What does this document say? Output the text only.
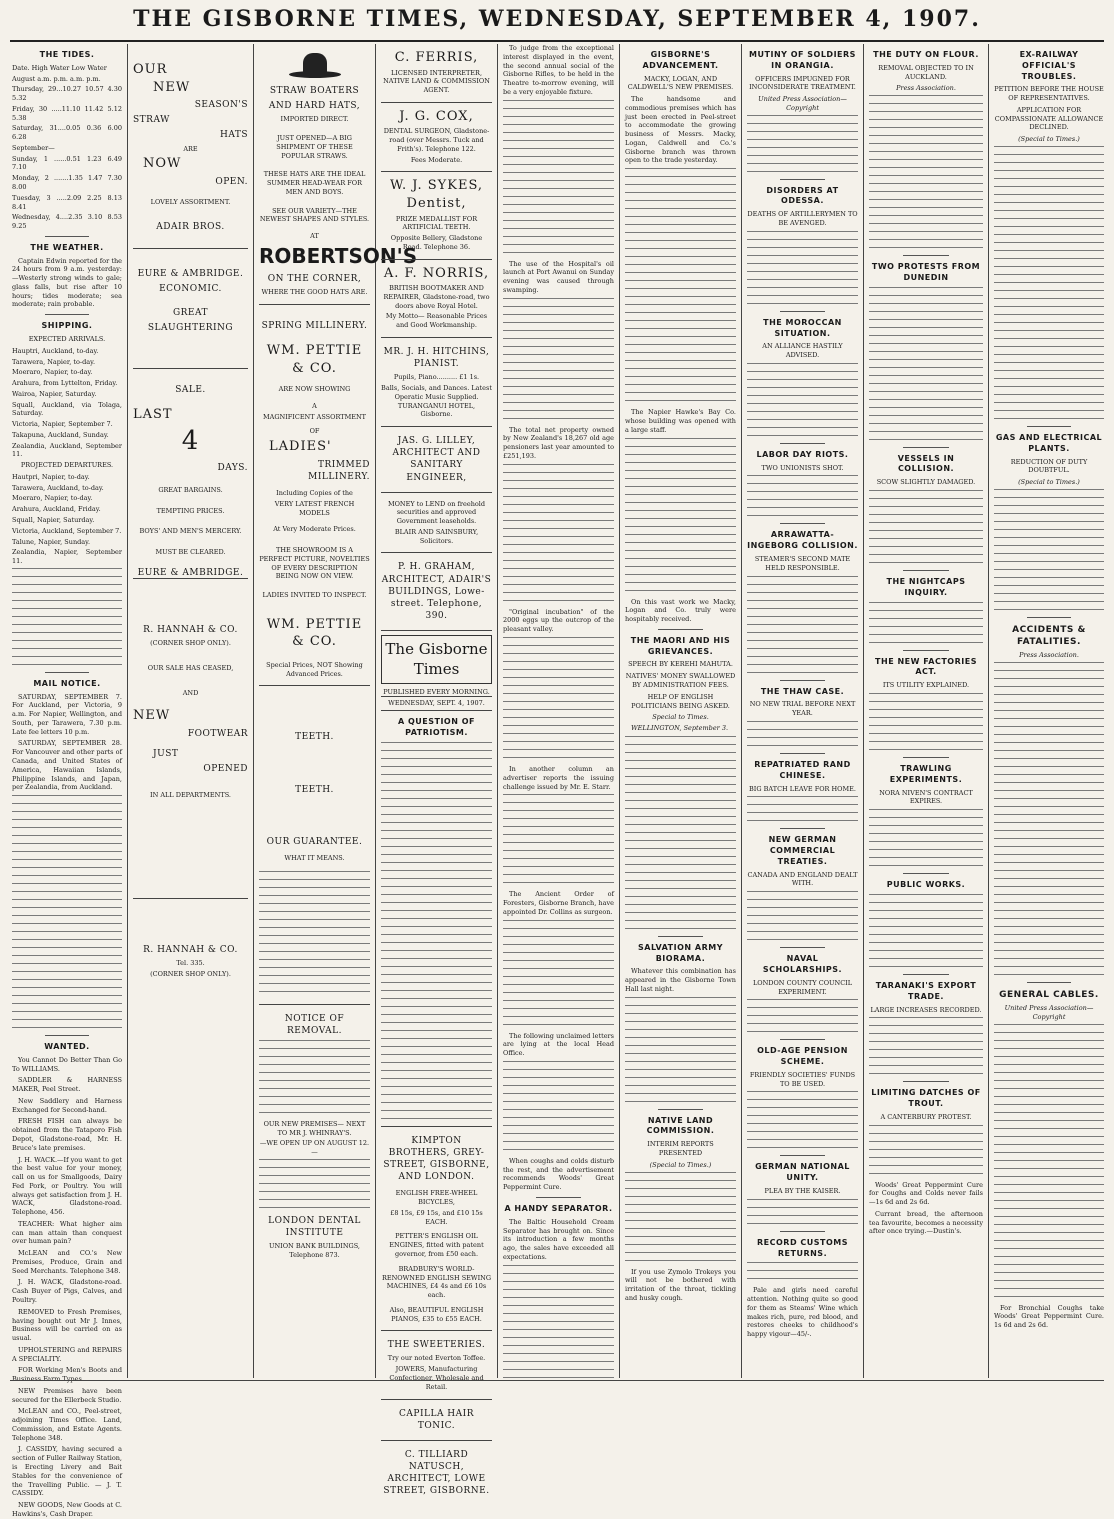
THE GISBORNE TIMES, WEDNESDAY, SEPTEMBER 4, 1907.
THE TIDES.
Date. High Water Low Water
August a.m. p.m. a.m. p.m.
Thursday, 29...10.27 10.57 4.30 5.32
Friday, 30 .....11.10 11.42 5.12 5.38
Saturday, 31....0.05 0.36 6.00 6.28
September—
Sunday, 1 ......0.51 1.23 6.49 7.10
Monday, 2 .......1.35 1.47 7.30 8.00
Tuesday, 3 .....2.09 2.25 8.13 8.41
Wednesday, 4....2.35 3.10 8.53 9.25
THE WEATHER.
Captain Edwin reported for the 24 hours from 9 a.m. yesterday:—Westerly strong winds to gale; glass falls, but rise after 10 hours; tides moderate; sea moderate; rain probable.
SHIPPING.
EXPECTED ARRIVALS.
Hauptri, Auckland, to-day.
Tarawera, Napier, to-day.
Moeraro, Napier, to-day.
Arahura, from Lyttelton, Friday.
Wairoa, Napier, Saturday.
Squall, Auckland, via Tolaga, Saturday.
Victoria, Napier, September 7.
Takapuna, Auckland, Sunday.
Zealandia, Auckland, September 11.
PROJECTED DEPARTURES.
Hautpri, Napier, to-day.
Tarawera, Auckland, to-day.
Moeraro, Napier, to-day.
Arahura, Auckland, Friday.
Squall, Napier, Saturday.
Victoria, Auckland, September 7.
Talune, Napier, Sunday.
Zealandia, Napier, September 11.
MAIL NOTICE.
SATURDAY, SEPTEMBER 7. For Auckland, per Victoria, 9 a.m. For Napier, Wellington, and South, per Tarawera, 7.30 p.m. Late fee letters 10 p.m.
SATURDAY, SEPTEMBER 28. For Vancouver and other parts of Canada, and United States of America, Hawaiian Islands, Philippine Islands, and Japan, per Zealandia, from Auckland.
WANTED.
You Cannot Do Better Than Go To WILLIAMS.
SADDLER & HARNESS MAKER, Peel Street.
New Saddlery and Harness Exchanged for Second-hand.
FRESH FISH can always be obtained from the Tataporo Fish Depot, Gladstone-road, Mr. H. Bruce's late premises.
J. H. WACK.—If you want to get the best value for your money, call on us for Smallgoods, Dairy Fed Pork, or Poultry. You will always get satisfaction from J. H. WACK, Gladstone-road. Telephone, 456.
TEACHER: What higher aim can man attain than conquest over human pain?
McLEAN and CO.'s New Premises, Produce, Grain and Seed Merchants. Telephone 348.
J. H. WACK, Gladstone-road. Cash Buyer of Pigs, Calves, and Poultry.
REMOVED to Fresh Premises, having bought out Mr J. Innes, Business will be carried on as usual.
UPHOLSTERING and REPAIRS A SPECIALITY.
FOR Working Men's Boots and Business Farm Types.
NEW Premises have been secured for the Ellerbeck Studio.
McLEAN and CO., Peel-street, adjoining Times Office. Land, Commission, and Estate Agents. Telephone 348.
J. CASSIDY, having secured a section of Fuller Railway Station, is Erecting Livery and Bait Stables for the convenience of the Travelling Public. — J. T. CASSIDY.
NEW GOODS, New Goods at C. Hawkins's, Cash Draper.
OUR
NEW
SEASON'S
STRAW
HATS
ARE
NOW
OPEN.
LOVELY ASSORTMENT.
ADAIR BROS.
EURE & AMBRIDGE.
ECONOMIC.
GREAT
SLAUGHTERING
SALE.
LAST
4
DAYS.
GREAT BARGAINS.
TEMPTING PRICES.
BOYS' AND MEN'S MERCERY.
MUST BE CLEARED.
EURE & AMBRIDGE.
R. HANNAH & CO.
(CORNER SHOP ONLY).
OUR SALE HAS CEASED,
AND
NEW
FOOTWEAR
JUST
OPENED
IN ALL DEPARTMENTS.
R. HANNAH & CO.
Tel. 335.
(CORNER SHOP ONLY).
STRAW BOATERS
AND HARD HATS,
IMPORTED DIRECT.
JUST OPENED—A BIG SHIPMENT OF THESE POPULAR STRAWS.
THESE HATS ARE THE IDEAL SUMMER HEAD-WEAR FOR MEN AND BOYS.
SEE OUR VARIETY—THE NEWEST SHAPES AND STYLES.
AT
ROBERTSON'S
ON THE CORNER,
WHERE THE GOOD HATS ARE.
SPRING MILLINERY.
WM. PETTIE & CO.
ARE NOW SHOWING
A
MAGNIFICENT ASSORTMENT
OF
LADIES'
TRIMMED MILLINERY.
Including Copies of the
VERY LATEST FRENCH MODELS
At Very Moderate Prices.
THE SHOWROOM IS A PERFECT PICTURE, NOVELTIES OF EVERY DESCRIPTION BEING NOW ON VIEW.
LADIES INVITED TO INSPECT.
WM. PETTIE & CO.
Special Prices, NOT Showing Advanced Prices.
TEETH.
TEETH.
OUR GUARANTEE.
WHAT IT MEANS.
NOTICE OF REMOVAL.
OUR NEW PREMISES— NEXT TO MR J. WHINRAY'S.
—WE OPEN UP ON AUGUST 12.—
LONDON DENTAL INSTITUTE
UNION BANK BUILDINGS, Telephone 873.
C. FERRIS,
LICENSED INTERPRETER, NATIVE LAND & COMMISSION AGENT.
J. G. COX,
DENTAL SURGEON, Gladstone-road (over Messrs. Tuck and Frith's). Telephone 122.
Fees Moderate.
W. J. SYKES, Dentist,
PRIZE MEDALLIST FOR ARTIFICIAL TEETH.
Opposite Bellery, Gladstone Road. Telephone 36.
A. F. NORRIS,
BRITISH BOOTMAKER AND REPAIRER, Gladstone-road, two doors above Royal Hotel.
My Motto— Reasonable Prices and Good Workmanship.
MR. J. H. HITCHINS, PIANIST.
Pupils, Piano.......... £1 1s.
Balls, Socials, and Dances. Latest Operatic Music Supplied. TURANGANUI HOTEL, Gisborne.
JAS. G. LILLEY, ARCHITECT AND SANITARY ENGINEER,
MONEY to LEND on freehold securities and approved Government leaseholds.
BLAIR AND SAINSBURY, Solicitors.
P. H. GRAHAM, ARCHITECT, ADAIR'S BUILDINGS, Lowe-street. Telephone, 390.
The Gisborne Times
PUBLISHED EVERY MORNING.
WEDNESDAY, SEPT. 4, 1907.
A QUESTION OF PATRIOTISM.
KIMPTON BROTHERS, GREY-STREET, GISBORNE, AND LONDON.
ENGLISH FREE-WHEEL BICYCLES,
£8 15s, £9 15s, and £10 15s EACH.
PETTER'S ENGLISH OIL ENGINES, fitted with patent governor, from £50 each.
BRADBURY'S WORLD-RENOWNED ENGLISH SEWING MACHINES, £4 4s and £6 10s each.
Also, BEAUTIFUL ENGLISH PIANOS, £35 to £55 EACH.
THE SWEETERIES.
Try our noted Everton Toffee.
JOWERS, Manufacturing Confectioner, Wholesale and Retail.
CAPILLA HAIR TONIC.
C. TILLIARD NATUSCH, ARCHITECT, LOWE STREET, GISBORNE.
To judge from the exceptional interest displayed in the event, the second annual social of the Gisborne Rifles, to be held in the Theatre to-morrow evening, will be a very enjoyable fixture.
The use of the Hospital's oil launch at Port Awanui on Sunday evening was caused through swamping.
The total net property owned by New Zealand's 18,267 old age pensioners last year amounted to £251,193.
"Original incubation" of the 2000 eggs up the outcrop of the pleasant valley.
In another column an advertiser reports the issuing challenge issued by Mr. E. Starr.
The Ancient Order of Foresters, Gisborne Branch, have appointed Dr. Collins as surgeon.
The following unclaimed letters are lying at the local Head Office.
When coughs and colds disturb the rest, and the advertisement recommends Woods' Great Peppermint Cure.
A HANDY SEPARATOR.
The Baltic Household Cream Separator has brought on. Since its introduction a few months ago, the sales have exceeded all expectations.
GISBORNE'S ADVANCEMENT.
MACKY, LOGAN, AND CALDWELL'S NEW PREMISES.
The handsome and commodious premises which has just been erected in Peel-street to accommodate the growing business of Messrs. Macky, Logan, Caldwell and Co.'s Gisborne branch was thrown open to the trade yesterday.
The Napier Hawke's Bay Co. whose building was opened with a large staff.
On this vast work we Macky, Logan and Co. truly were hospitably received.
THE MAORI AND HIS GRIEVANCES.
SPEECH BY KEREHI MAHUTA.
NATIVES' MONEY SWALLOWED BY ADMINISTRATION FEES.
HELP OF ENGLISH POLITICIANS BEING ASKED.
Special to Times.
WELLINGTON, September 3.
SALVATION ARMY BIORAMA.
Whatever this combination has appeared in the Gisborne Town Hall last night.
NATIVE LAND COMMISSION.
INTERIM REPORTS PRESENTED
(Special to Times.)
If you use Zymolo Trokeys you will not be bothered with irritation of the throat, tickling and husky cough.
MUTINY OF SOLDIERS IN ORANGIA.
OFFICERS IMPUGNED FOR INCONSIDERATE TREATMENT.
United Press Association—Copyright
DISORDERS AT ODESSA.
DEATHS OF ARTILLERYMEN TO BE AVENGED.
THE MOROCCAN SITUATION.
AN ALLIANCE HASTILY ADVISED.
LABOR DAY RIOTS.
TWO UNIONISTS SHOT.
ARRAWATTA-INGEBORG COLLISION.
STEAMER'S SECOND MATE HELD RESPONSIBLE.
THE THAW CASE.
NO NEW TRIAL BEFORE NEXT YEAR.
REPATRIATED RAND CHINESE.
BIG BATCH LEAVE FOR HOME.
NEW GERMAN COMMERCIAL TREATIES.
CANADA AND ENGLAND DEALT WITH.
NAVAL SCHOLARSHIPS.
LONDON COUNTY COUNCIL EXPERIMENT.
OLD-AGE PENSION SCHEME.
FRIENDLY SOCIETIES' FUNDS TO BE USED.
GERMAN NATIONAL UNITY.
PLEA BY THE KAISER.
RECORD CUSTOMS RETURNS.
Pale and girls need careful attention. Nothing quite so good for them as Steams' Wine which makes rich, pure, red blood, and restores cheeks to childhood's happy vigour—45/-.
THE DUTY ON FLOUR.
REMOVAL OBJECTED TO IN AUCKLAND.
Press Association.
TWO PROTESTS FROM DUNEDIN
VESSELS IN COLLISION.
SCOW SLIGHTLY DAMAGED.
THE NIGHTCAPS INQUIRY.
THE NEW FACTORIES ACT.
ITS UTILITY EXPLAINED.
TRAWLING EXPERIMENTS.
NORA NIVEN'S CONTRACT EXPIRES.
PUBLIC WORKS.
TARANAKI'S EXPORT TRADE.
LARGE INCREASES RECORDED.
LIMITING DATCHES OF TROUT.
A CANTERBURY PROTEST.
Woods' Great Peppermint Cure for Coughs and Colds never fails—1s 6d and 2s 6d.
Currant bread, the afternoon tea favourite, becomes a necessity after once trying.—Dustin's.
EX-RAILWAY OFFICIAL'S TROUBLES.
PETITION BEFORE THE HOUSE OF REPRESENTATIVES.
APPLICATION FOR COMPASSIONATE ALLOWANCE DECLINED.
(Special to Times.)
GAS AND ELECTRICAL PLANTS.
REDUCTION OF DUTY DOUBTFUL.
(Special to Times.)
ACCIDENTS & FATALITIES.
Press Association.
GENERAL CABLES.
United Press Association—Copyright
For Bronchial Coughs take Woods' Great Peppermint Cure. 1s 6d and 2s 6d.
